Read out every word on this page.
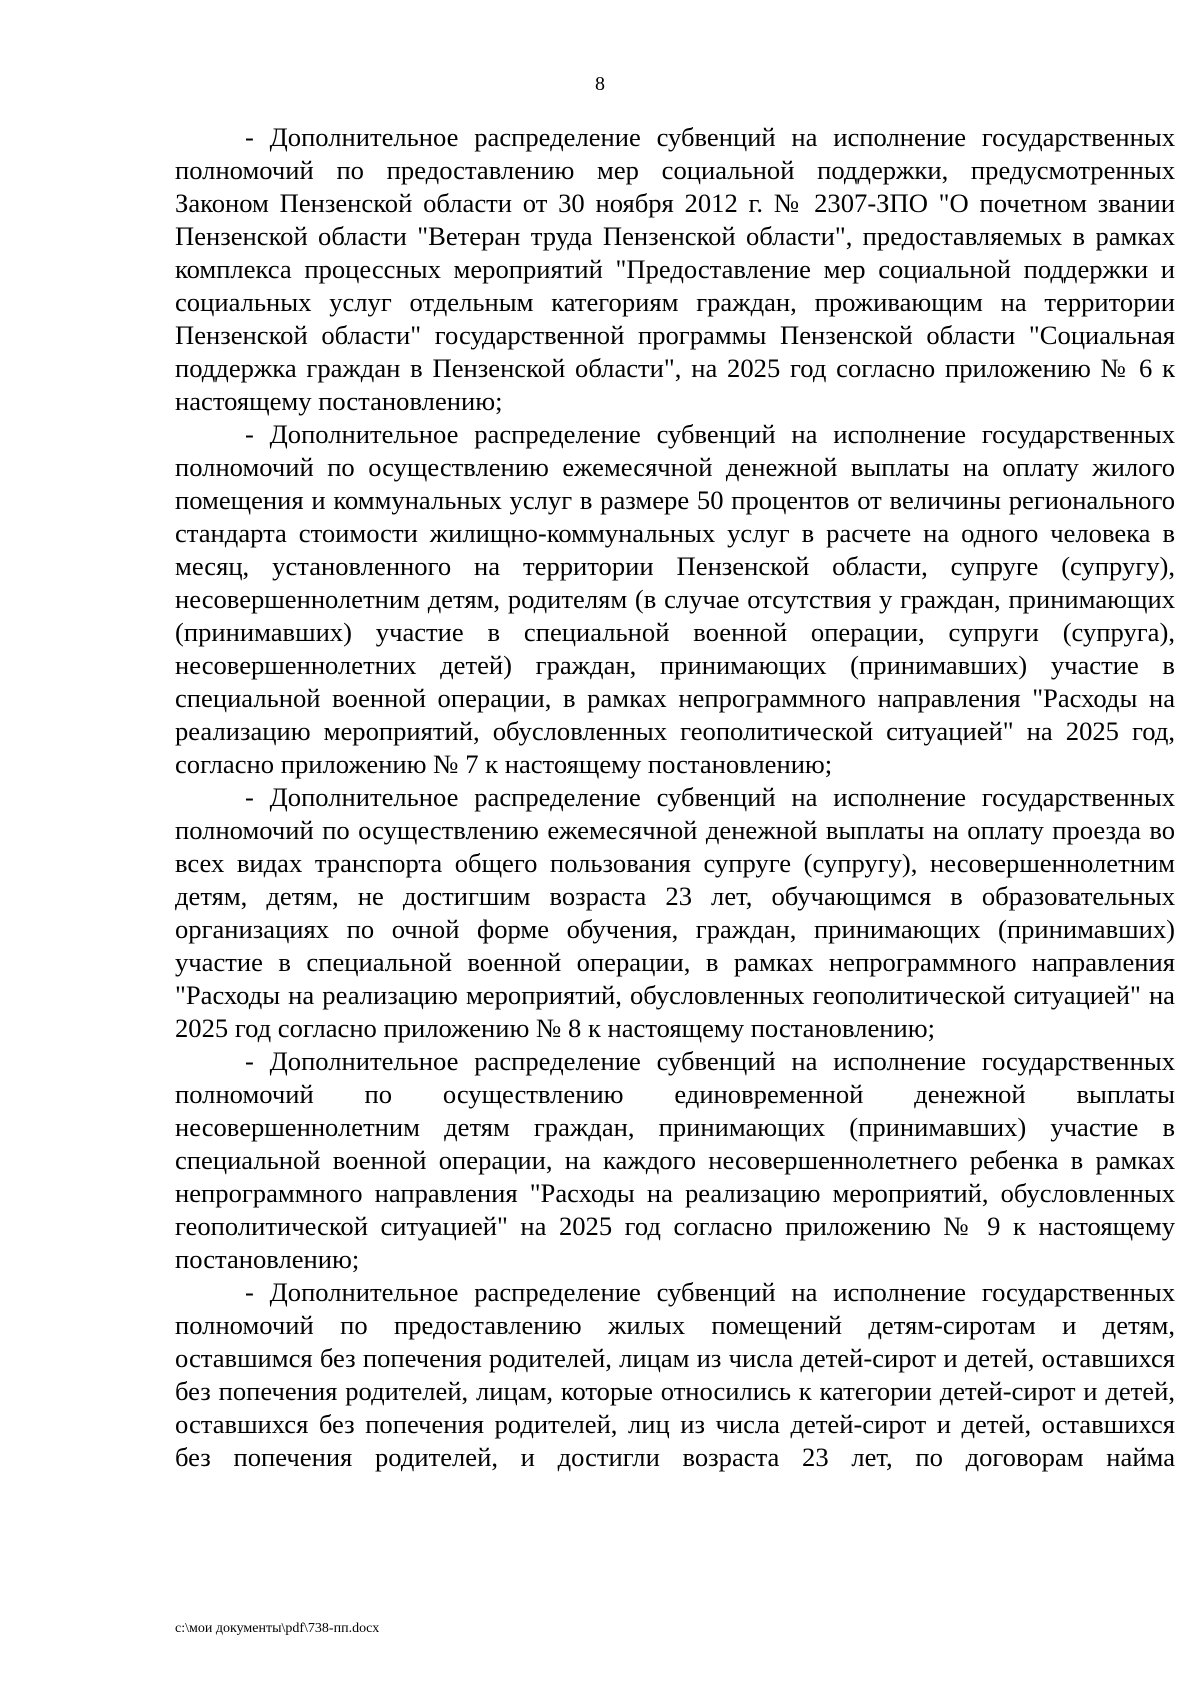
8

- Дополнительное распределение субвенций на исполнение государственных полномочий по предоставлению мер социальной поддержки, предусмотренных Законом Пензенской области от 30 ноября 2012 г. № 2307-ЗПО "О почетном звании Пензенской области "Ветеран труда Пензенской области", предоставляемых в рамках комплекса процессных мероприятий "Предоставление мер социальной поддержки и социальных услуг отдельным категориям граждан, проживающим на территории Пензенской области" государственной программы Пензенской области "Социальная поддержка граждан в Пензенской области", на 2025 год согласно приложению № 6 к настоящему постановлению;

- Дополнительное распределение субвенций на исполнение государственных полномочий по осуществлению ежемесячной денежной выплаты на оплату жилого помещения и коммунальных услуг в размере 50 процентов от величины регионального стандарта стоимости жилищно-коммунальных услуг в расчете на одного человека в месяц, установленного на территории Пензенской области, супруге (супругу), несовершеннолетним детям, родителям (в случае отсутствия у граждан, принимающих (принимавших) участие в специальной военной операции, супруги (супруга), несовершеннолетних детей) граждан, принимающих (принимавших) участие в специальной военной операции, в рамках непрограммного направления "Расходы на реализацию мероприятий, обусловленных геополитической ситуацией" на 2025 год, согласно приложению № 7 к настоящему постановлению;

- Дополнительное распределение субвенций на исполнение государственных полномочий по осуществлению ежемесячной денежной выплаты на оплату проезда во всех видах транспорта общего пользования супруге (супругу), несовершеннолетним детям, детям, не достигшим возраста 23 лет, обучающимся в образовательных организациях по очной форме обучения, граждан, принимающих (принимавших) участие в специальной военной операции, в рамках непрограммного направления "Расходы на реализацию мероприятий, обусловленных геополитической ситуацией" на 2025 год согласно приложению № 8 к настоящему постановлению;

- Дополнительное распределение субвенций на исполнение государственных полномочий по осуществлению единовременной денежной выплаты несовершеннолетним детям граждан, принимающих (принимавших) участие в специальной военной операции, на каждого несовершеннолетнего ребенка в рамках непрограммного направления "Расходы на реализацию мероприятий, обусловленных геополитической ситуацией" на 2025 год согласно приложению № 9 к настоящему постановлению;

- Дополнительное распределение субвенций на исполнение государственных полномочий по предоставлению жилых помещений детям-сиротам и детям, оставшимся без попечения родителей, лицам из числа детей-сирот и детей, оставшихся без попечения родителей, лицам, которые относились к категории детей-сирот и детей, оставшихся без попечения родителей, лиц из числа детей-сирот и детей, оставшихся без попечения родителей, и достигли возраста 23 лет, по договорам найма

c:\мои документы\pdf\738-пп.docx
